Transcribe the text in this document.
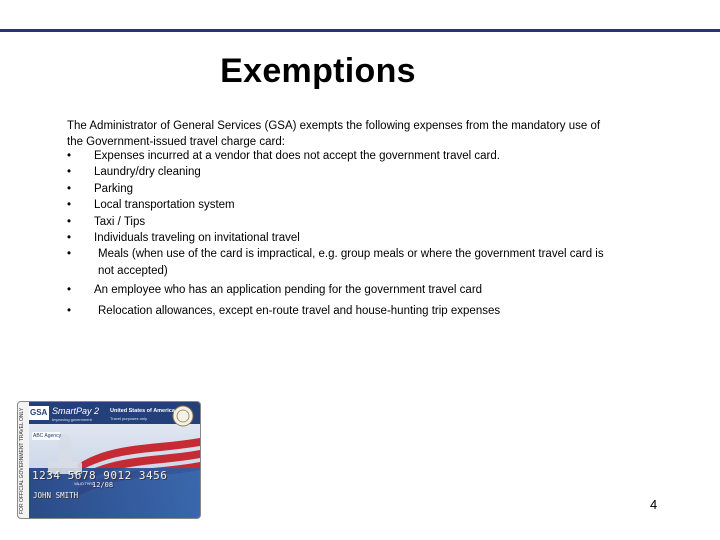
Exemptions
The Administrator of General Services (GSA) exempts the following expenses from the mandatory use of the Government-issued travel charge card:
•	Expenses incurred at a vendor that does not accept the government travel card.
•	Laundry/dry cleaning
•	Parking
•	Local transportation system
•	Taxi / Tips
•	Individuals traveling on invitational travel
•	Meals (when use of the card is impractical, e.g. group meals or where the government travel card is not accepted)
•	An employee who has an application pending for the government travel card
•	Relocation allowances, except en-route travel and house-hunting trip expenses
FOR OFFICIAL GOVERNMENT TRAVEL ONLY GSA SmartPay 2
Improving government
United States of America
Travel purposes only
ABC Agency
1234 5678 9012 3456
VALID THRU
12/08
JOHN SMITH
4
